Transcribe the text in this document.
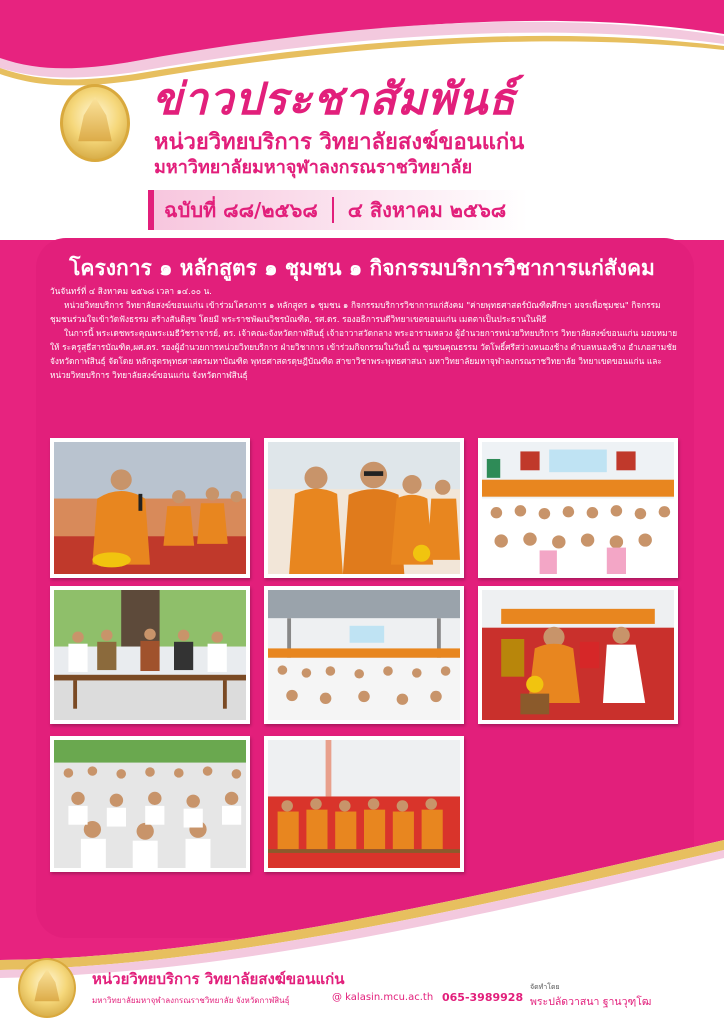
ข่าวประชาสัมพันธ์
หน่วยวิทยบริการ วิทยาลัยสงฆ์ขอนแก่น
มหาวิทยาลัยมหาจุฬาลงกรณราชวิทยาลัย
ฉบับที่ ๘๘/๒๕๖๘ ๔ สิงหาคม ๒๕๖๘
โครงการ ๑ หลักสูตร ๑ ชุมชน ๑ กิจกรรมบริการวิชาการแก่สังคม

วันจันทร์ที่ ๔ สิงหาคม ๒๕๖๘ เวลา ๑๔.๐๐ น.

หน่วยวิทยบริการ วิทยาลัยสงฆ์ขอนแก่น เข้าร่วมโครงการ ๑ หลักสูตร ๑ ชุมชน ๑ กิจกรรมบริการวิชาการแก่สังคม "ค่ายพุทธศาสตร์บัณฑิตศึกษา มจรเพื่อชุมชน" กิจกรรม ชุมชนร่วมใจเข้าวัดฟังธรรม สร้างสันติสุข โดยมี พระราชพัฒนวิชรบัณฑิต, รศ.ดร. รองอธิการบดีวิทยาเขตขอนแก่น เมตตาเป็นประธานในพิธี

ในการนี้ พระเดชพระคุณพระเมธีวัชราจารย์, ดร. เจ้าคณะจังหวัดกาฬสินธุ์ เจ้าอาวาสวัดกลาง พระอารามหลวง ผู้อำนวยการหน่วยวิทยบริการ วิทยาลัยสงฆ์ขอนแก่น มอบหมายให้ ระครูสุธีสารบัณฑิต,ผศ.ดร. รองผู้อำนวยการหน่วยวิทยบริการ ฝ่ายวิชาการ เข้าร่วมกิจกรรมในวันนี้ ณ ชุมชนคุณธรรม วัดโพธิ์ศรีสว่างหนองช้าง ตำบลหนองช้าง อำเภอสามชัย จังหวัดกาฬสินธุ์ จัดโดย หลักสูตรพุทธศาสตรมหาบัณฑิต พุทธศาสตรดุษฎีบัณฑิต สาขาวิชาพระพุทธศาสนา มหาวิทยาลัยมหาจุฬาลงกรณราชวิทยาลัย วิทยาเขตขอนแก่น และหน่วยวิทยบริการ วิทยาลัยสงฆ์ขอนแก่น จังหวัดกาฬสินธุ์

หน่วยวิทยบริการ วิทยาลัยสงฆ์ขอนแก่น
มหาวิทยาลัยมหาจุฬาลงกรณราชวิทยาลัย จังหวัดกาฬสินธุ์	@ kalasin.mcu.ac.th 065-3989928
จัดทำโดย
พระปลัดวาสนา ฐานวุฑฺโฒ
